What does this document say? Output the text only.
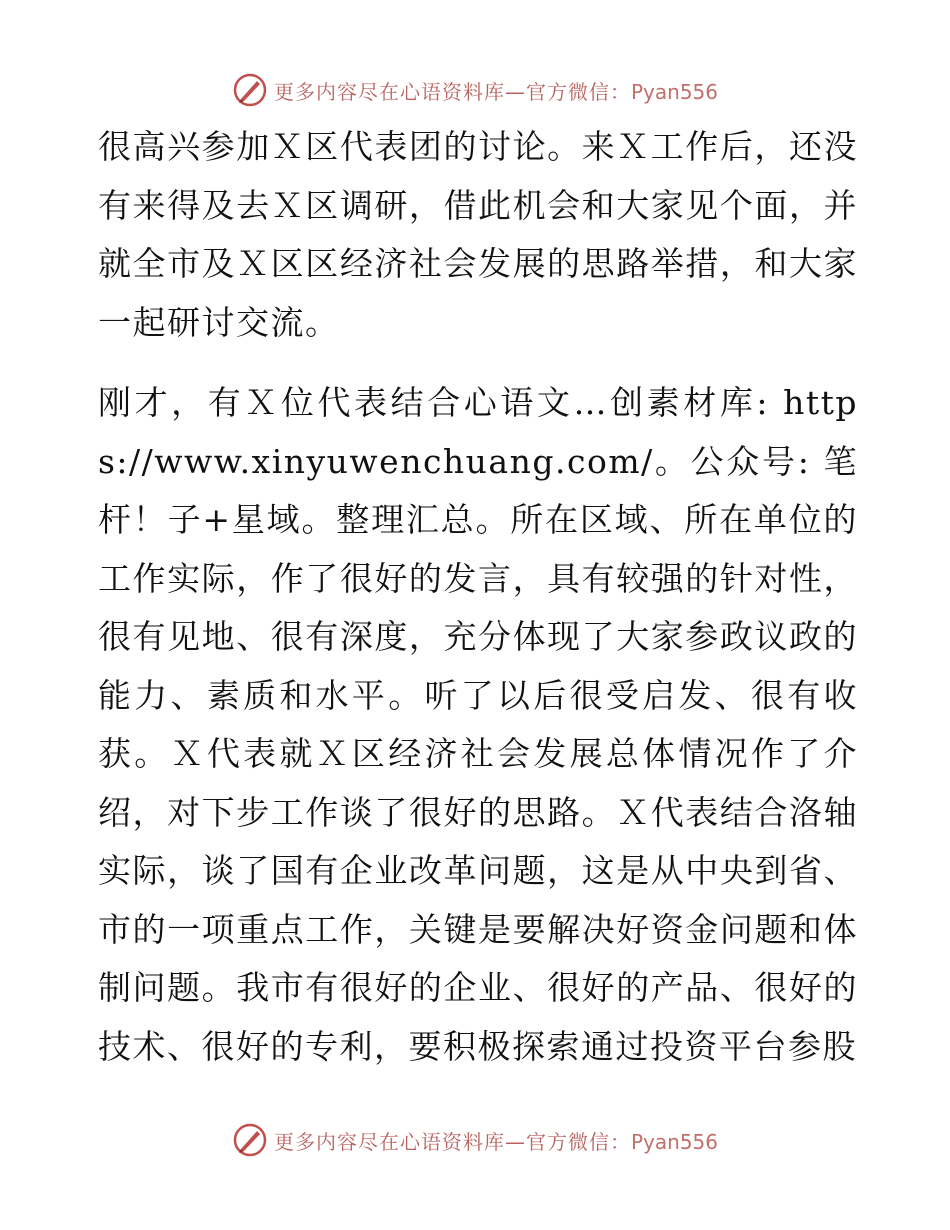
更多内容尽在心语资料库—官方微信：Pyan556

很高兴参加Ｘ区代表团的讨论。来Ｘ工作后，还没有来得及去Ｘ区调研，借此机会和大家见个面，并就全市及Ｘ区区经济社会发展的思路举措，和大家一起研讨交流。

刚才，有Ｘ位代表结合心语文…创素材库: https://www.xinyuwenchuang.com/。公众号: 笔杆！子+星域。整理汇总。所在区域、所在单位的工作实际，作了很好的发言，具有较强的针对性，很有见地、很有深度，充分体现了大家参政议政的能力、素质和水平。听了以后很受启发、很有收获。Ｘ代表就Ｘ区经济社会发展总体情况作了介绍，对下步工作谈了很好的思路。Ｘ代表结合洛轴实际，谈了国有企业改革问题，这是从中央到省、市的一项重点工作，关键是要解决好资金问题和体制问题。我市有很好的企业、很好的产品、很好的技术、很好的专利，要积极探索通过投资平台参股

更多内容尽在心语资料库—官方微信：Pyan556
